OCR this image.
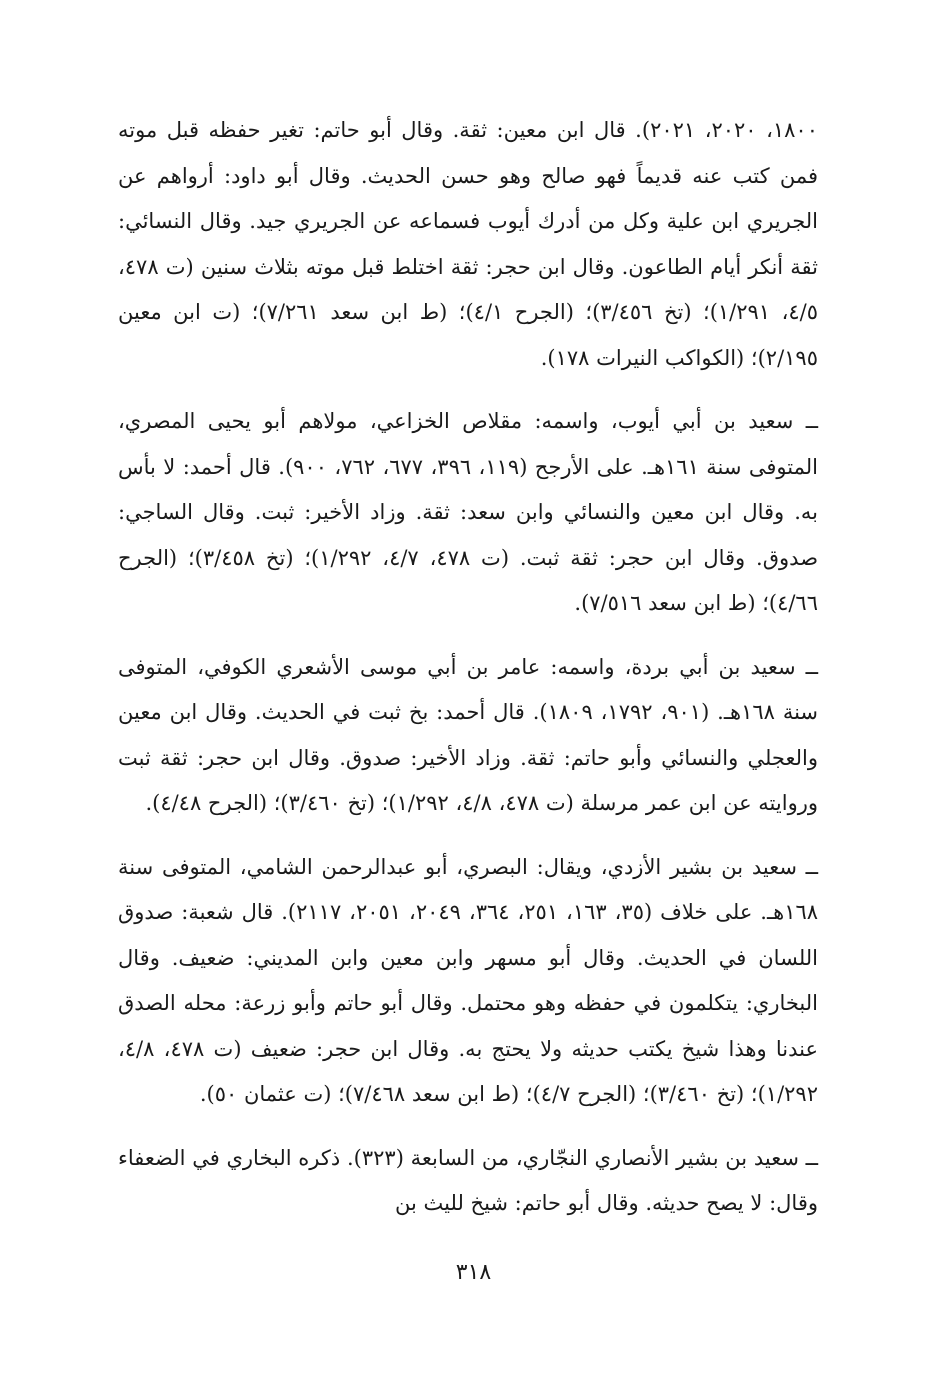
١٨٠٠، ٢٠٢٠، ٢٠٢١). قال ابن معين: ثقة. وقال أبو حاتم: تغير حفظه قبل موته فمن كتب عنه قديماً فهو صالح وهو حسن الحديث. وقال أبو داود: أرواهم عن الجريري ابن علية وكل من أدرك أيوب فسماعه عن الجريري جيد. وقال النسائي: ثقة أنكر أيام الطاعون. وقال ابن حجر: ثقة اختلط قبل موته بثلاث سنين (ت ٤٧٨، ٤/٥، ١/٢٩١)؛ (تخ ٣/٤٥٦)؛ (الجرح ٤/١)؛ (ط ابن سعد ٧/٢٦١)؛ (ت ابن معين ٢/١٩٥)؛ (الكواكب النيرات ١٧٨).

ــ سعيد بن أبي أيوب، واسمه: مقلاص الخزاعي، مولاهم أبو يحيى المصري، المتوفى سنة ١٦١هـ. على الأرجح (١١٩، ٣٩٦، ٦٧٧، ٧٦٢، ٩٠٠). قال أحمد: لا بأس به. وقال ابن معين والنسائي وابن سعد: ثقة. وزاد الأخير: ثبت. وقال الساجي: صدوق. وقال ابن حجر: ثقة ثبت. (ت ٤٧٨، ٤/٧، ١/٢٩٢)؛ (تخ ٣/٤٥٨)؛ (الجرح ٤/٦٦)؛ (ط ابن سعد ٧/٥١٦).

ــ سعيد بن أبي بردة، واسمه: عامر بن أبي موسى الأشعري الكوفي، المتوفى سنة ١٦٨هـ. (٩٠١، ١٧٩٢، ١٨٠٩). قال أحمد: بخ ثبت في الحديث. وقال ابن معين والعجلي والنسائي وأبو حاتم: ثقة. وزاد الأخير: صدوق. وقال ابن حجر: ثقة ثبت وروايته عن ابن عمر مرسلة (ت ٤٧٨، ٤/٨، ١/٢٩٢)؛ (تخ ٣/٤٦٠)؛ (الجرح ٤/٤٨).

ــ سعيد بن بشير الأزدي، ويقال: البصري، أبو عبدالرحمن الشامي، المتوفى سنة ١٦٨هـ. على خلاف (٣٥، ١٦٣، ٢٥١، ٣٦٤، ٢٠٤٩، ٢٠٥١، ٢١١٧). قال شعبة: صدوق اللسان في الحديث. وقال أبو مسهر وابن معين وابن المديني: ضعيف. وقال البخاري: يتكلمون في حفظه وهو محتمل. وقال أبو حاتم وأبو زرعة: محله الصدق عندنا وهذا شيخ يكتب حديثه ولا يحتج به. وقال ابن حجر: ضعيف (ت ٤٧٨، ٤/٨، ١/٢٩٢)؛ (تخ ٣/٤٦٠)؛ (الجرح ٤/٧)؛ (ط ابن سعد ٧/٤٦٨)؛ (ت عثمان ٥٠).

ــ سعيد بن بشير الأنصاري النجّاري، من السابعة (٣٢٣). ذكره البخاري في الضعفاء وقال: لا يصح حديثه. وقال أبو حاتم: شيخ لليث بن

٣١٨
